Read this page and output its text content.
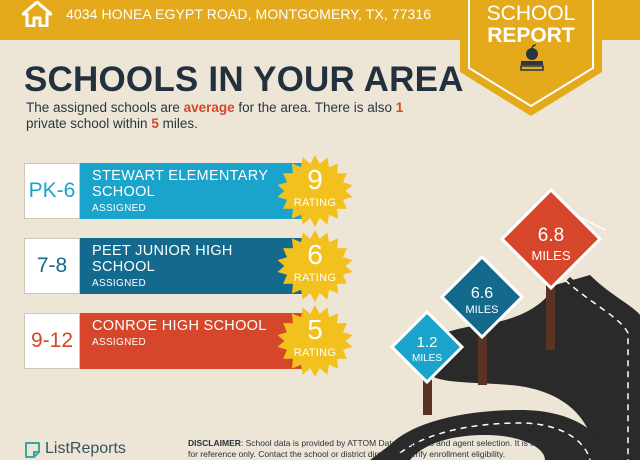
4034 HONEA EGYPT ROAD, MONTGOMERY, TX, 77316	SCHOOL
REPORT
SCHOOLS IN YOUR AREA
The assigned schools are average for the area. There is also 1 private school within 5 miles.
PK-6
STEWART ELEMENTARY SCHOOL
ASSIGNED
9
RATING
7-8
PEET JUNIOR HIGH SCHOOL
ASSIGNED
6
RATING
9-12
CONROE HIGH SCHOOL
ASSIGNED	5
RATING
1.2
MILES
6.6
MILES
6.8
MILES
ListReports	DISCLAIMER: School data is provided by ATTOM Data Solutions and agent selection. It is intended for reference only. Contact the school or district directly to verify enrollment eligibility.
